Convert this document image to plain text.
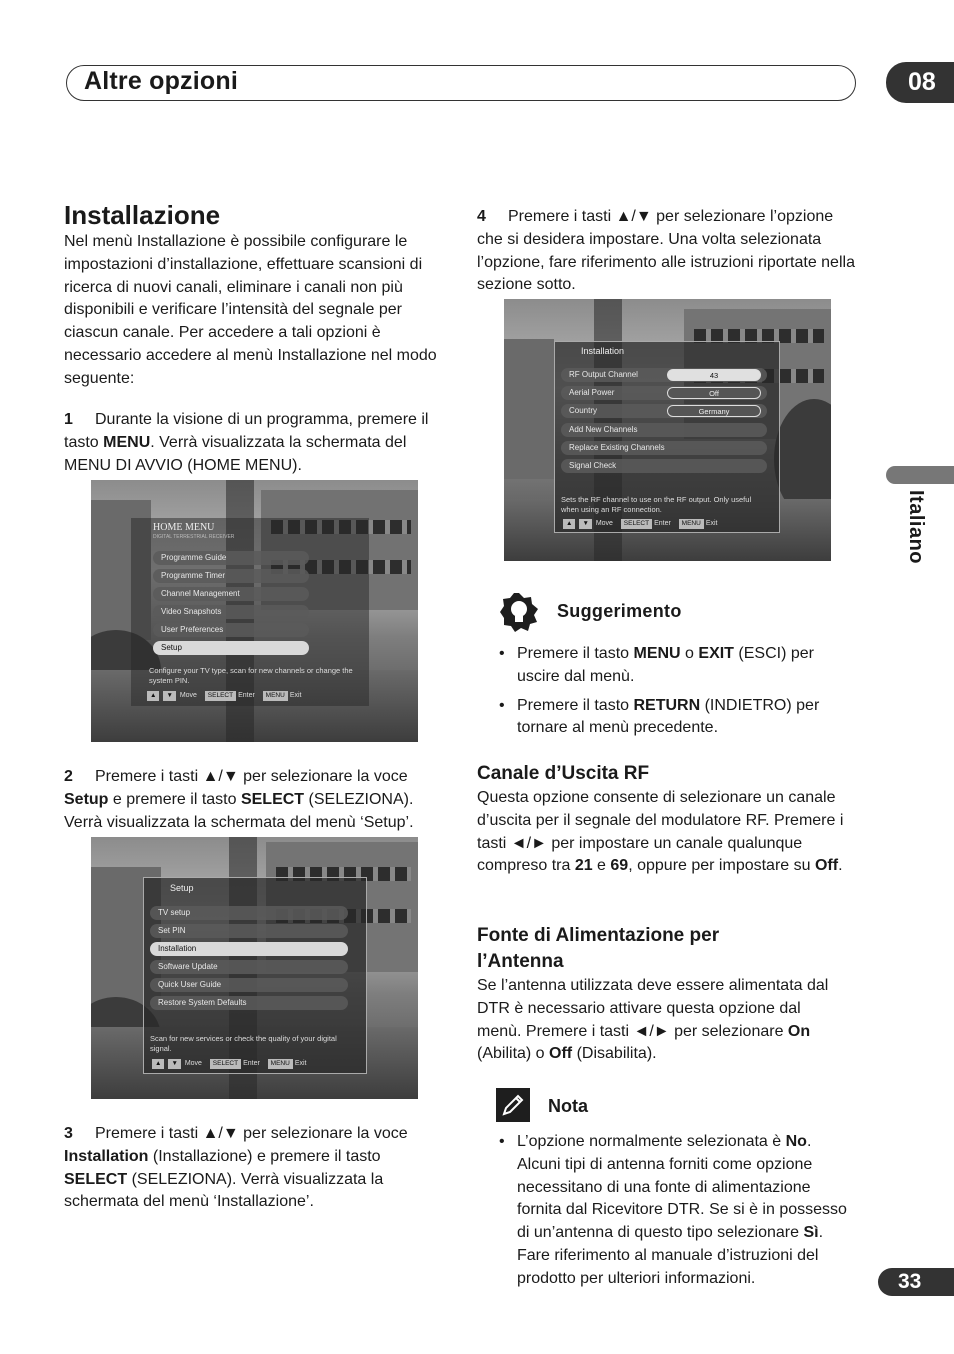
Altre opzioni	08
Italiano
Installazione

Nel menù Installazione è possibile configurare le impostazioni d’installazione, effettuare scansioni di ricerca di nuovi canali, eliminare i canali non più disponibili e verificare l’intensità del segnale per ciascun canale. Per accedere a tali opzioni è necessario accedere al menù Installazione nel modo seguente:

1 Durante la visione di un programma, premere il tasto MENU. Verrà visualizzata la schermata del MENU DI AVVIO (HOME MENU).

HOME MENU
DIGITAL TERRESTRIAL RECEIVER
Programme Guide
Programme Timer
Channel Management
Video Snapshots
User Preferences
Setup
Configure your TV type, scan for new channels or change the system PIN.
▲ ▼ Move SELECT Enter MENU Exit

2 Premere i tasti ▲/▼ per selezionare la voce Setup e premere il tasto SELECT (SELEZIONA). Verrà visualizzata la schermata del menù ‘Setup’.

Setup
TV setup
Set PIN
Installation
Software Update
Quick User Guide
Restore System Defaults
Scan for new services or check the quality of your digital signal.
▲ ▼ Move SELECT Enter MENU Exit

3 Premere i tasti ▲/▼ per selezionare la voce Installation (Installazione) e premere il tasto SELECT (SELEZIONA). Verrà visualizzata la schermata del menù ‘Installazione’.

4 Premere i tasti ▲/▼ per selezionare l’opzione che si desidera impostare. Una volta selezionata l’opzione, fare riferimento alle istruzioni riportate nella sezione sotto.

Installation
RF Output Channel
Aerial Power
Country
Add New Channels
Replace Existing Channels
Signal Check
43
Off
Germany
Sets the RF channel to use on the RF output. Only useful when using an RF connection.
▲ ▼ Move SELECT Enter MENU Exit
Suggerimento
• Premere il tasto MENU o EXIT (ESCI) per uscire dal menù.
• Premere il tasto RETURN (INDIETRO) per tornare al menù precedente.
Canale d’Uscita RF

Questa opzione consente di selezionare un canale d’uscita per il segnale del modulatore RF. Premere i tasti ◄/► per impostare un canale qualunque compreso tra 21 e 69, oppure per impostare su Off.

Fonte di Alimentazione per l’Antenna

Se l’antenna utilizzata deve essere alimentata dal DTR è necessario attivare questa opzione dal menù. Premere i tasti ◄/► per selezionare On (Abilita) o Off (Disabilita).

Nota
• L’opzione normalmente selezionata è No. Alcuni tipi di antenna forniti come opzione necessitano di una fonte di alimentazione fornita dal Ricevitore DTR. Se si è in possesso di un’antenna di questo tipo selezionare Sì. Fare riferimento al manuale d’istruzioni del prodotto per ulteriori informazioni.	33
